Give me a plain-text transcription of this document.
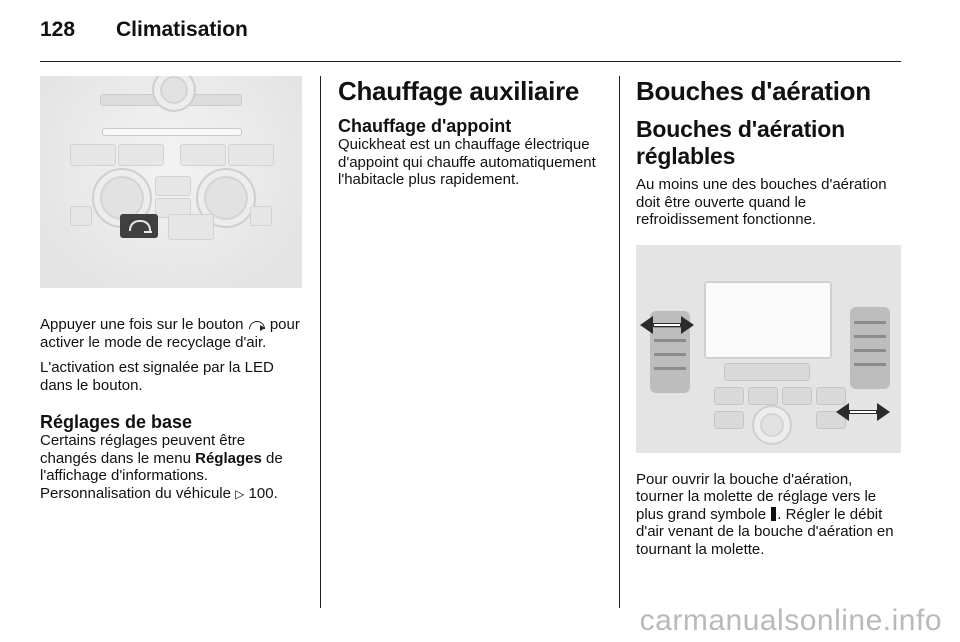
128	Climatisation

Appuyer une fois sur le bouton pour activer le mode de recyclage d'air.

L'activation est signalée par la LED dans le bouton.

Réglages de base

Certains réglages peuvent être changés dans le menu Réglages de l'affichage d'informations. Personnalisation du véhicule ▷ 100.

Chauffage auxiliaire
Chauffage d'appoint

Quickheat est un chauffage électrique d'appoint qui chauffe automatiquement l'habitacle plus rapidement.

Bouches d'aération
Bouches d'aération réglables

Au moins une des bouches d'aération doit être ouverte quand le refroidissement fonctionne.

Pour ouvrir la bouche d'aération, tourner la molette de réglage vers le plus grand symbole . Régler le débit d'air venant de la bouche d'aération en tournant la molette.

carmanualsonline.info
